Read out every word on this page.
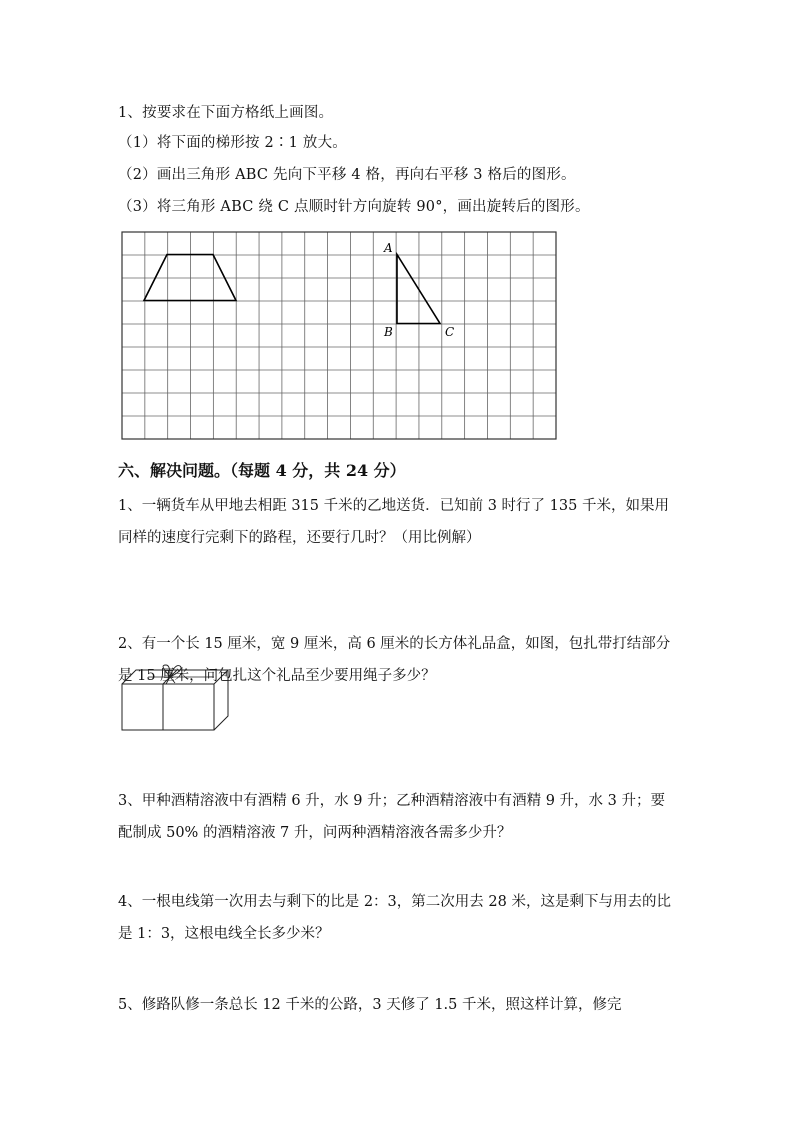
1、按要求在下面方格纸上画图。
（1）将下面的梯形按 2∶1 放大。
（2）画出三角形 ABC 先向下平移 4 格，再向右平移 3 格后的图形。
（3）将三角形 ABC 绕 C 点顺时针方向旋转 90°，画出旋转后的图形。
A
B	C
六、解决问题。（每题 4 分，共 24 分）
1、一辆货车从甲地去相距 315 千米的乙地送货．已知前 3 时行了 135 千米，如果用同样的速度行完剩下的路程，还要行几时？（用比例解）
2、有一个长 15 厘米，宽 9 厘米，高 6 厘米的长方体礼品盒，如图，包扎带打结部分是 15 厘米，问包扎这个礼品至少要用绳子多少？
3、甲种酒精溶液中有酒精 6 升，水 9 升；乙种酒精溶液中有酒精 9 升，水 3 升；要配制成 50% 的酒精溶液 7 升，问两种酒精溶液各需多少升？
4、一根电线第一次用去与剩下的比是 2：3，第二次用去 28 米，这是剩下与用去的比是 1：3，这根电线全长多少米？
5、修路队修一条总长 12 千米的公路，3 天修了 1.5 千米，照这样计算，修完
